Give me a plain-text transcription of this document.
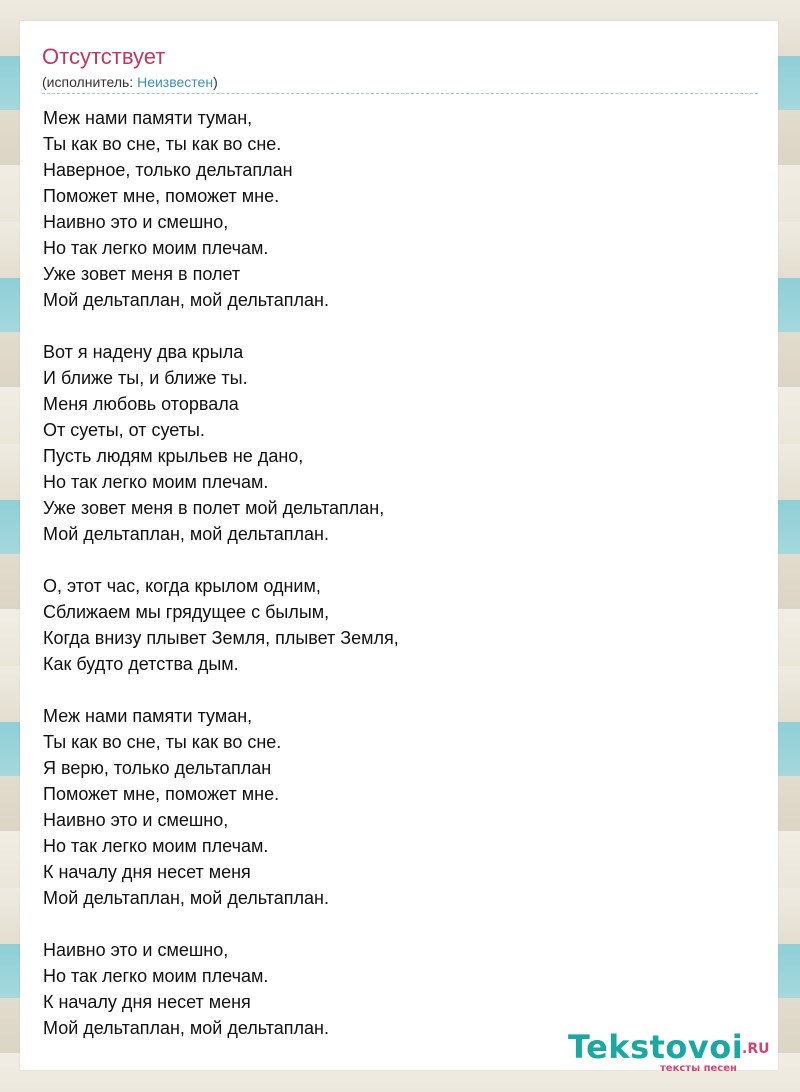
Отсутствует
(исполнитель: Неизвестен)
Меж нами памяти туман,
Ты как во сне, ты как во сне.
Наверное, только дельтаплан
Поможет мне, поможет мне.
Наивно это и смешно,
Но так легко моим плечам.
Уже зовет меня в полет
Мой дельтаплан, мой дельтаплан.
Вот я надену два крыла
И ближе ты, и ближе ты.
Меня любовь оторвала
От суеты, от суеты.
Пусть людям крыльев не дано,
Но так легко моим плечам.
Уже зовет меня в полет мой дельтаплан,
Мой дельтаплан, мой дельтаплан.
О, этот час, когда крылом одним,
Сближаем мы грядущее с былым,
Когда внизу плывет Земля, плывет Земля,
Как будто детства дым.
Меж нами памяти туман,
Ты как во сне, ты как во сне.
Я верю, только дельтаплан
Поможет мне, поможет мне.
Наивно это и смешно,
Но так легко моим плечам.
К началу дня несет меня
Мой дельтаплан, мой дельтаплан.
Наивно это и смешно,
Но так легко моим плечам.
К началу дня несет меня
Мой дельтаплан, мой дельтаплан.	Tekstovoi
.RU
тексты песен
